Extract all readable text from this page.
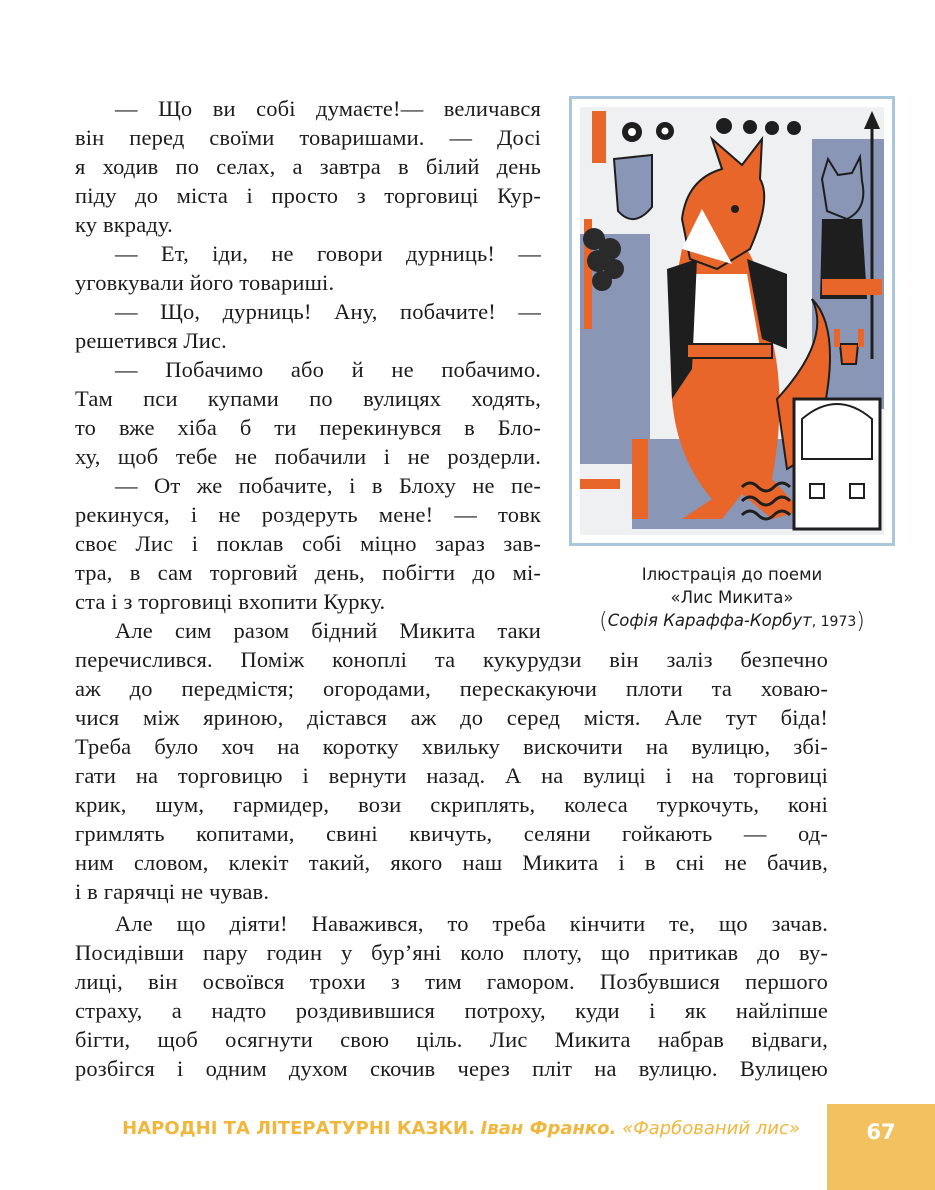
— Що ви собі думаєте!— величався
він перед своїми товаришами. — Досі
я ходив по селах, а завтра в білий день
піду до міста і просто з торговиці Кур-
ку вкраду.
— Ет, іди, не говори дурниць! —
уговкували його товариші.
— Що, дурниць! Ану, побачите! —
решетився Лис.
— Побачимо або й не побачимо.
Там пси купами по вулицях ходять,
то вже хіба б ти перекинувся в Бло-
ху, щоб тебе не побачили і не роздерли.
— От же побачите, і в Блоху не пе-
рекинуся, і не роздеруть мене! — товк
своє Лис і поклав собі міцно зараз зав-
тра, в сам торговий день, побігти до мі-
ста і з торговиці вхопити Курку.
Але сим разом бідний Микита таки
перечислився. Поміж коноплі та кукурудзи він заліз безпечно
аж до передмістя; огородами, перескакуючи плоти та ховаю-
чися між яриною, дістався аж до серед містя. Але тут біда!
Треба було хоч на коротку хвильку вискочити на вулицю, збі-
гати на торговицю і вернути назад. А на вулиці і на торговиці
крик, шум, гармидер, вози скриплять, колеса туркочуть, коні
гримлять копитами, свині квичуть, селяни гойкають — од-
ним словом, клекіт такий, якого наш Микита і в сні не бачив,
і в гарячці не чував.
Але що діяти! Наважився, то треба кінчити те, що зачав.
Посидівши пару годин у бур’яні коло плоту, що притикав до ву-
лиці, він освоївся трохи з тим гамором. Позбувшися першого
страху, а надто роздивившися потроху, куди і як найліпше
бігти, щоб осягнути свою ціль. Лис Микита набрав відваги,
розбігся і одним духом скочив через пліт на вулицю. Вулицею
Ілюстрація до поеми
«Лис Микита»
(Софія Караффа-Корбут, 1973)
НАРОДНІ ТА ЛІТЕРАТУРНІ КАЗКИ. Іван Франко. «Фарбований лис»	67
